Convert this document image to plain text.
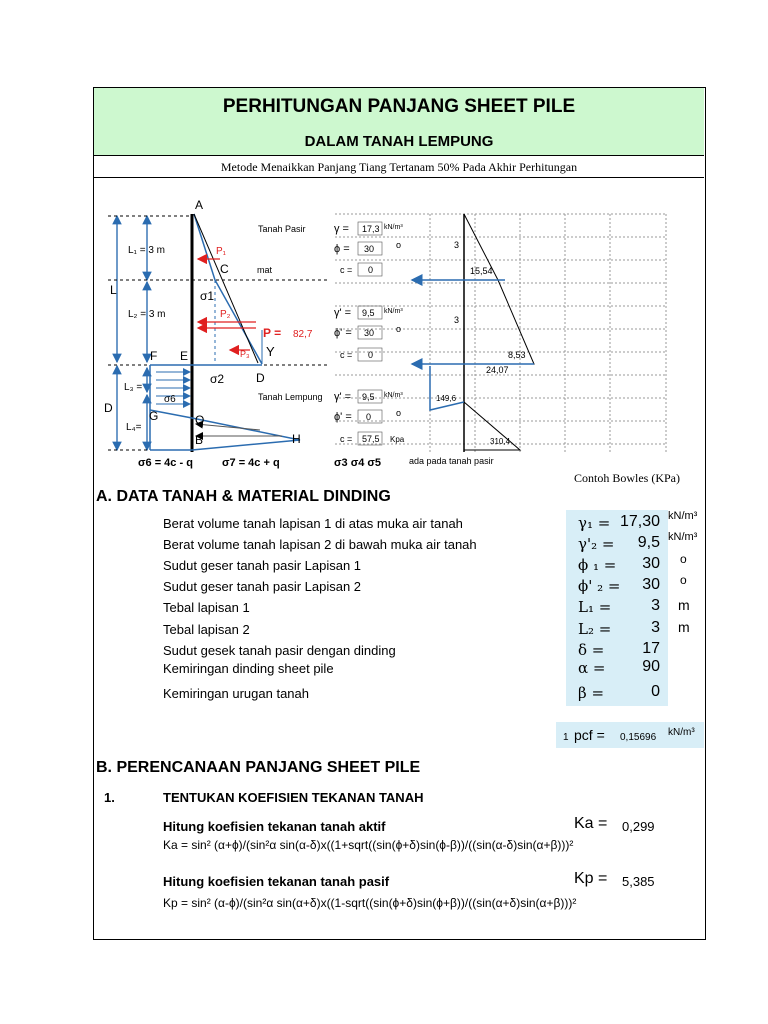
PERHITUNGAN PANJANG SHEET PILE
DALAM TANAH LEMPUNG
Metode Menaikkan Panjang Tiang Tertanam 50% Pada Akhir Perhitungan
A
L
L₁ = 3 m
L₂ = 3 m
L₃ =
L₄=
D
P₁
C	mat
σ1
P₂
P = 82,7
P₃ Y
F E
σ2	D
σ6
G	O
B	H
σ6 = 4c - q	σ7 = 4c + q	σ3 σ4 σ5	ada pada tanah pasir
Tanah Pasir	γ = 17,3 kN/m³
ϕ = 30 o
c = 0
γ' = 9,5 kN/m³
ϕ' = 30 o
c = 0
Tanah Lempung γ' = 9,5 kN/m³
ϕ' = 0	o
c = 57,5 Kpa
3
3
15,54
8,53
24,07
149,6
310,4
Contoh Bowles (KPa)
A. DATA TANAH & MATERIAL DINDING
Berat volume tanah lapisan 1 di atas muka air tanah	γ₁ = 17,30 kN/m³
Berat volume tanah lapisan 2 di bawah muka air tanah	γ'₂ =	9,5 kN/m³
Sudut geser tanah pasir Lapisan 1	ϕ ₁ =	30 o
Sudut geser tanah pasir Lapisan 2	ϕ' ₂ =	30 o
Tebal lapisan 1	L₁ =	3 m
Tebal lapisan 2	L₂ =	3 m
Sudut gesek tanah pasir dengan dinding	δ =	17
Kemiringan dinding sheet pile	α =	90
Kemiringan urugan tanah	β =	0
1 pcf = 0,15696 kN/m³
B. PERENCANAAN PANJANG SHEET PILE
1.	TENTUKAN KOEFISIEN TEKANAN TANAH
Hitung koefisien tekanan tanah aktif	Ka = 0,299
Ka = sin² (α+ϕ)/(sin²α sin(α-δ)x((1+sqrt((sin(ϕ+δ)sin(ϕ-β))/((sin(α-δ)sin(α+β)))²
Hitung koefisien tekanan tanah pasif	Kp = 5,385
Kp = sin² (α-ϕ)/(sin²α sin(α+δ)x((1-sqrt((sin(ϕ+δ)sin(ϕ+β))/((sin(α+δ)sin(α+β)))²
